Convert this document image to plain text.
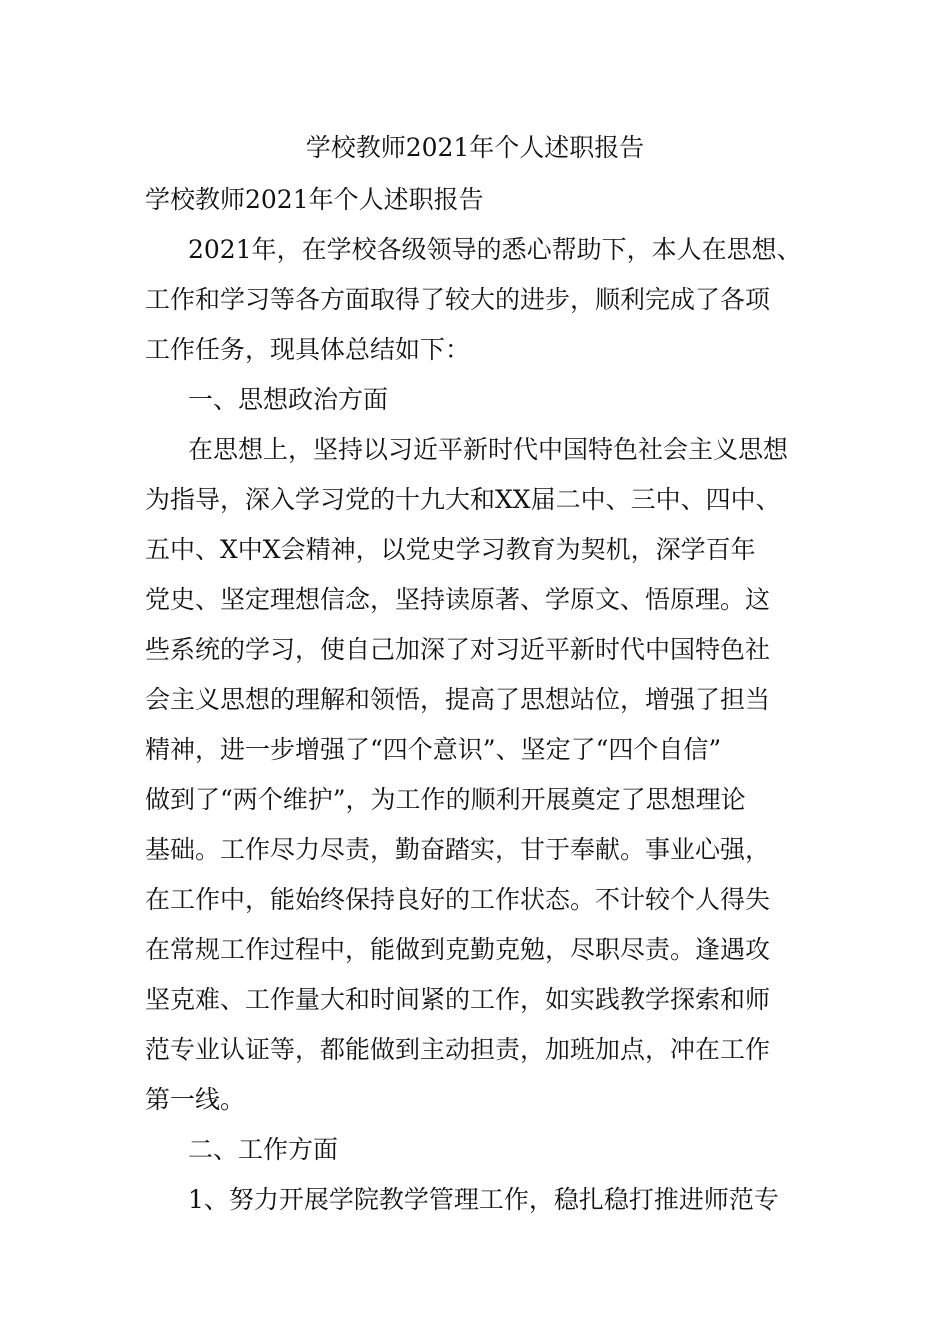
学校教师2021年个人述职报告
学校教师2021年个人述职报告
2021年，在学校各级领导的悉心帮助下，本人在思想、
工作和学习等各方面取得了较大的进步，顺利完成了各项
工作任务，现具体总结如下：
一、思想政治方面
在思想上，坚持以习近平新时代中国特色社会主义思想
为指导，深入学习党的十九大和XX届二中、三中、四中、
五中、X中X会精神，以党史学习教育为契机，深学百年
党史、坚定理想信念，坚持读原著、学原文、悟原理。这
些系统的学习，使自己加深了对习近平新时代中国特色社
会主义思想的理解和领悟，提高了思想站位，增强了担当
精神，进一步增强了“四个意识”、坚定了“四个自信”
做到了“两个维护”，为工作的顺利开展奠定了思想理论
基础。工作尽力尽责，勤奋踏实，甘于奉献。事业心强，
在工作中，能始终保持良好的工作状态。不计较个人得失
在常规工作过程中，能做到克勤克勉，尽职尽责。逢遇攻
坚克难、工作量大和时间紧的工作，如实践教学探索和师
范专业认证等，都能做到主动担责，加班加点，冲在工作
第一线。
二、工作方面
1、努力开展学院教学管理工作，稳扎稳打推进师范专
